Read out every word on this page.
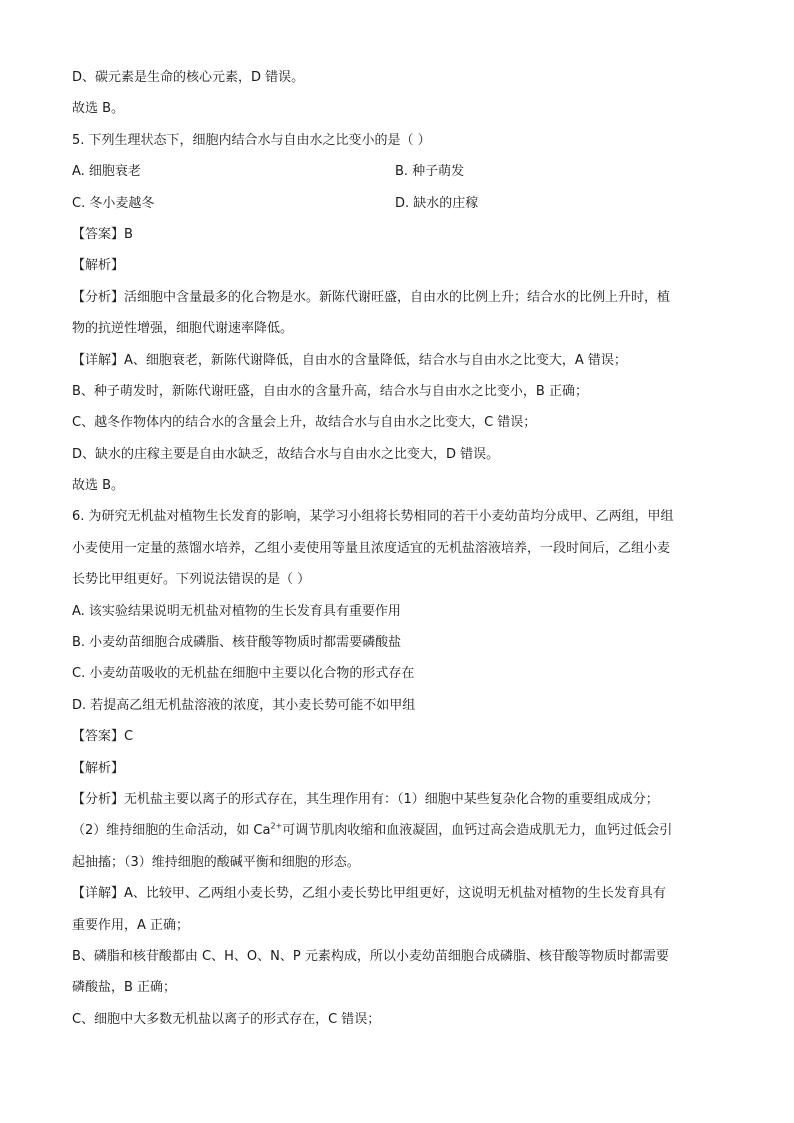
D、碳元素是生命的核心元素，D 错误。
故选 B。
5. 下列生理状态下，细胞内结合水与自由水之比变小的是（ ）
A. 细胞衰老	B. 种子萌发
C. 冬小麦越冬	D. 缺水的庄稼
【答案】B
【解析】
【分析】活细胞中含量最多的化合物是水。新陈代谢旺盛，自由水的比例上升；结合水的比例上升时，植
物的抗逆性增强，细胞代谢速率降低。
【详解】A、细胞衰老，新陈代谢降低，自由水的含量降低，结合水与自由水之比变大，A 错误；
B、种子萌发时，新陈代谢旺盛，自由水的含量升高，结合水与自由水之比变小，B 正确；
C、越冬作物体内的结合水的含量会上升，故结合水与自由水之比变大，C 错误；
D、缺水的庄稼主要是自由水缺乏，故结合水与自由水之比变大，D 错误。
故选 B。
6. 为研究无机盐对植物生长发育的影响，某学习小组将长势相同的若干小麦幼苗均分成甲、乙两组，甲组
小麦使用一定量的蒸馏水培养，乙组小麦使用等量且浓度适宜的无机盐溶液培养，一段时间后，乙组小麦
长势比甲组更好。下列说法错误的是（ ）
A. 该实验结果说明无机盐对植物的生长发育具有重要作用
B. 小麦幼苗细胞合成磷脂、核苷酸等物质时都需要磷酸盐
C. 小麦幼苗吸收的无机盐在细胞中主要以化合物的形式存在
D. 若提高乙组无机盐溶液的浓度，其小麦长势可能不如甲组
【答案】C
【解析】
【分析】无机盐主要以离子的形式存在，其生理作用有：（1）细胞中某些复杂化合物的重要组成成分；
（2）维持细胞的生命活动，如 $Ca^{2+}$可调节肌肉收缩和血液凝固，血钙过高会造成肌无力，血钙过低会引
起抽搐；（3）维持细胞的酸碱平衡和细胞的形态。
【详解】A、比较甲、乙两组小麦长势，乙组小麦长势比甲组更好，这说明无机盐对植物的生长发育具有
重要作用，A 正确；
B、磷脂和核苷酸都由 C、H、O、N、P 元素构成，所以小麦幼苗细胞合成磷脂、核苷酸等物质时都需要
磷酸盐，B 正确；
C、细胞中大多数无机盐以离子的形式存在，C 错误；
